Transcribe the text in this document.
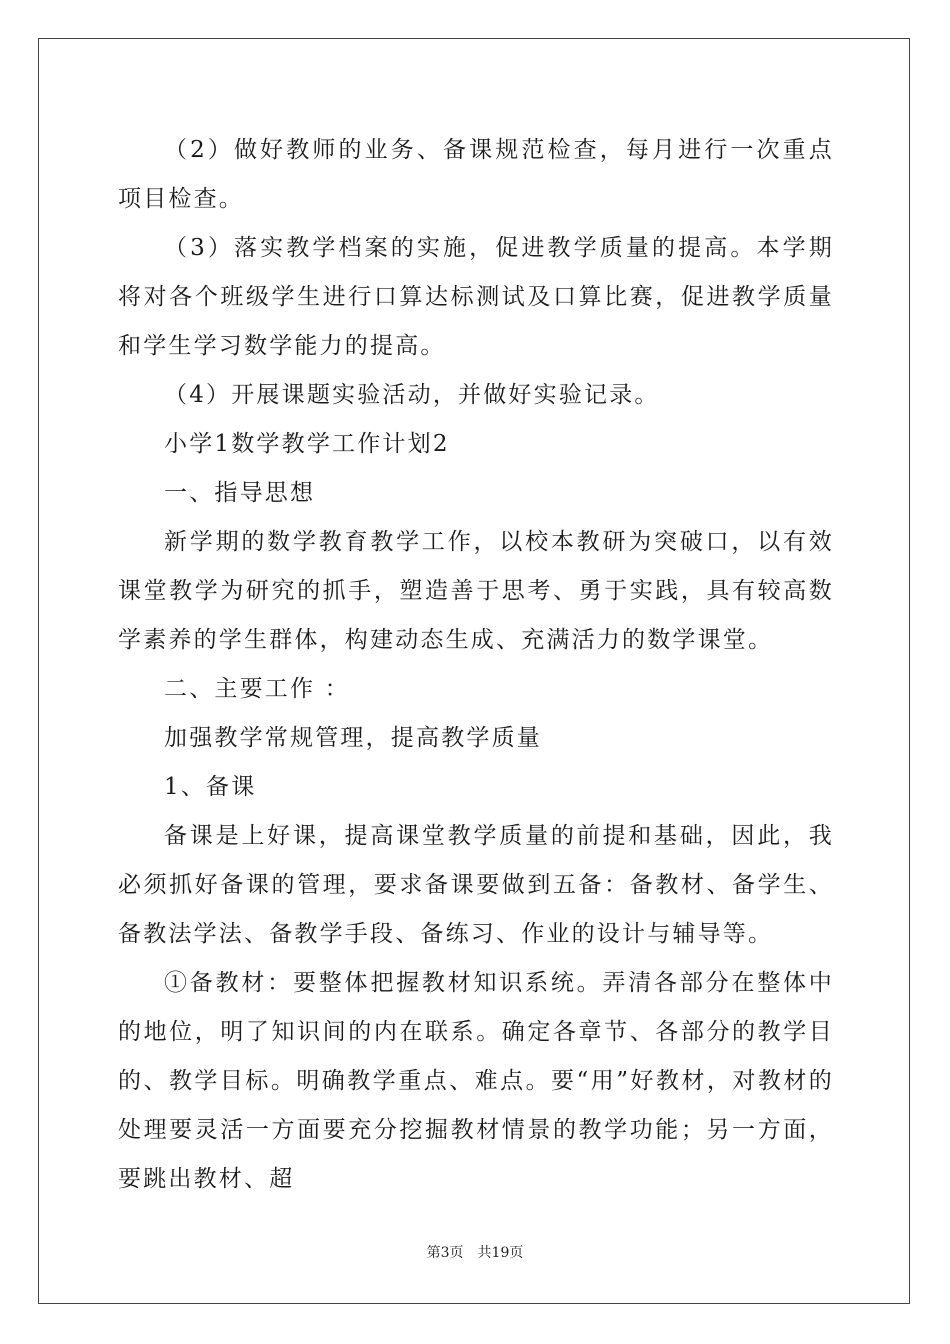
（2）做好教师的业务、备课规范检查，每月进行一次重点项目检查。

（3）落实教学档案的实施，促进教学质量的提高。本学期将对各个班级学生进行口算达标测试及口算比赛，促进教学质量和学生学习数学能力的提高。

（4）开展课题实验活动，并做好实验记录。

小学1数学教学工作计划2

一、指导思想

新学期的数学教育教学工作，以校本教研为突破口，以有效课堂教学为研究的抓手，塑造善于思考、勇于实践，具有较高数学素养的学生群体，构建动态生成、充满活力的数学课堂。

二、主要工作 ：

加强教学常规管理，提高教学质量

1、备课

备课是上好课，提高课堂教学质量的前提和基础，因此，我必须抓好备课的管理，要求备课要做到五备：备教材、备学生、备教法学法、备教学手段、备练习、作业的设计与辅导等。

①备教材：要整体把握教材知识系统。弄清各部分在整体中的地位，明了知识间的内在联系。确定各章节、各部分的教学目的、教学目标。明确教学重点、难点。要“用”好教材，对教材的处理要灵活一方面要充分挖掘教材情景的教学功能；另一方面，要跳出教材、超

第3页 共19页
